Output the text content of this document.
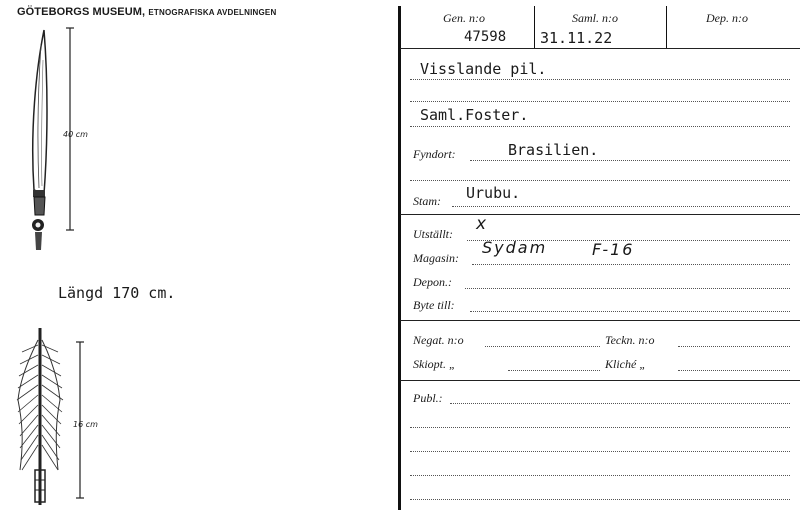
GÖTEBORGS MUSEUM, ETNOGRAFISKA AVDELNINGEN
40 cm
16 cm
Längd 170 cm.
Gen. n:o
47598
Saml. n:o
31.11.22
Dep. n:o
Visslande pil.
Saml.Foster.
Fyndort:	Brasilien.
Stam: Urubu.
Utställt: x
Magasin:
Sydam	F-16
Depon.:
Byte till:
Negat. n:o	Teckn. n:o
Skiopt. „	Kliché „
Publ.:
